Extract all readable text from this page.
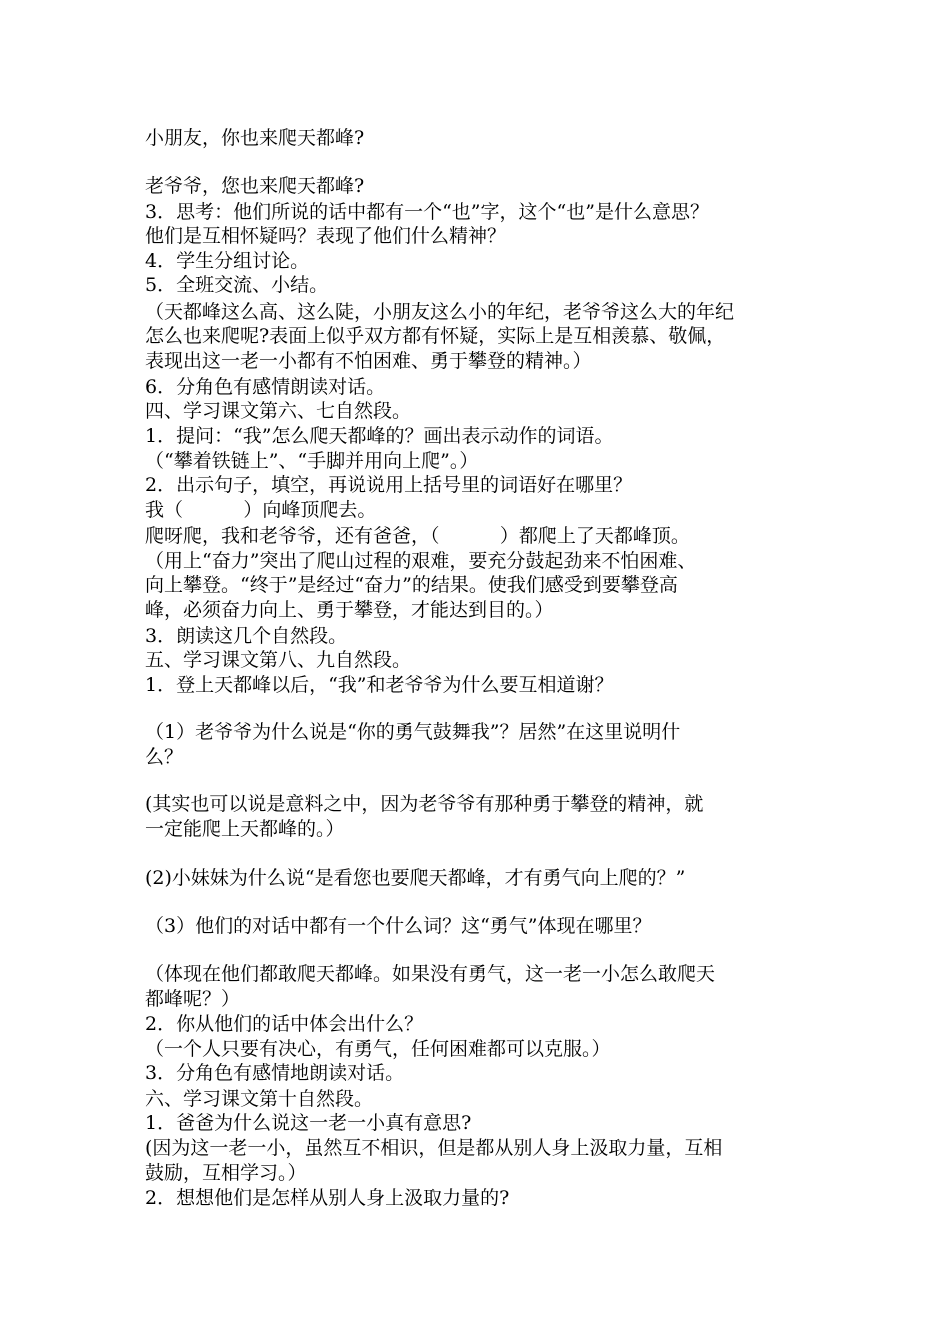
小朋友，你也来爬天都峰?
老爷爷，您也来爬天都峰?
3．思考：他们所说的话中都有一个“也”字，这个“也”是什么意思？
他们是互相怀疑吗？表现了他们什么精神？
4．学生分组讨论。
5．全班交流、小结。
（天都峰这么高、这么陡，小朋友这么小的年纪，老爷爷这么大的年纪
怎么也来爬呢?表面上似乎双方都有怀疑，实际上是互相羡慕、敬佩，
表现出这一老一小都有不怕困难、勇于攀登的精神。）
6．分角色有感情朗读对话。
四、学习课文第六、七自然段。
1．提问：“我”怎么爬天都峰的？画出表示动作的词语。
（“攀着铁链上”、“手脚并用向上爬”。）
2．出示句子，填空，再说说用上括号里的词语好在哪里？
我（          ）向峰顶爬去。
爬呀爬，我和老爷爷，还有爸爸，（          ）都爬上了天都峰顶。
（用上“奋力”突出了爬山过程的艰难，要充分鼓起劲来不怕困难、
向上攀登。“终于”是经过“奋力”的结果。使我们感受到要攀登高
峰，必须奋力向上、勇于攀登，才能达到目的。）
3．朗读这几个自然段。
五、学习课文第八、九自然段。
1．登上天都峰以后，“我”和老爷爷为什么要互相道谢？
（1）老爷爷为什么说是“你的勇气鼓舞我”？居然”在这里说明什
么？
(其实也可以说是意料之中，因为老爷爷有那种勇于攀登的精神，就
一定能爬上天都峰的。）
(2)小妹妹为什么说“是看您也要爬天都峰，才有勇气向上爬的？”
（3）他们的对话中都有一个什么词？这“勇气”体现在哪里？
（体现在他们都敢爬天都峰。如果没有勇气，这一老一小怎么敢爬天
都峰呢？）
2．你从他们的话中体会出什么？
（一个人只要有决心，有勇气，任何困难都可以克服。）
3．分角色有感情地朗读对话。
六、学习课文第十自然段。
1．爸爸为什么说这一老一小真有意思?
(因为这一老一小，虽然互不相识，但是都从别人身上汲取力量，互相
鼓励，互相学习。）
2．想想他们是怎样从别人身上汲取力量的?
